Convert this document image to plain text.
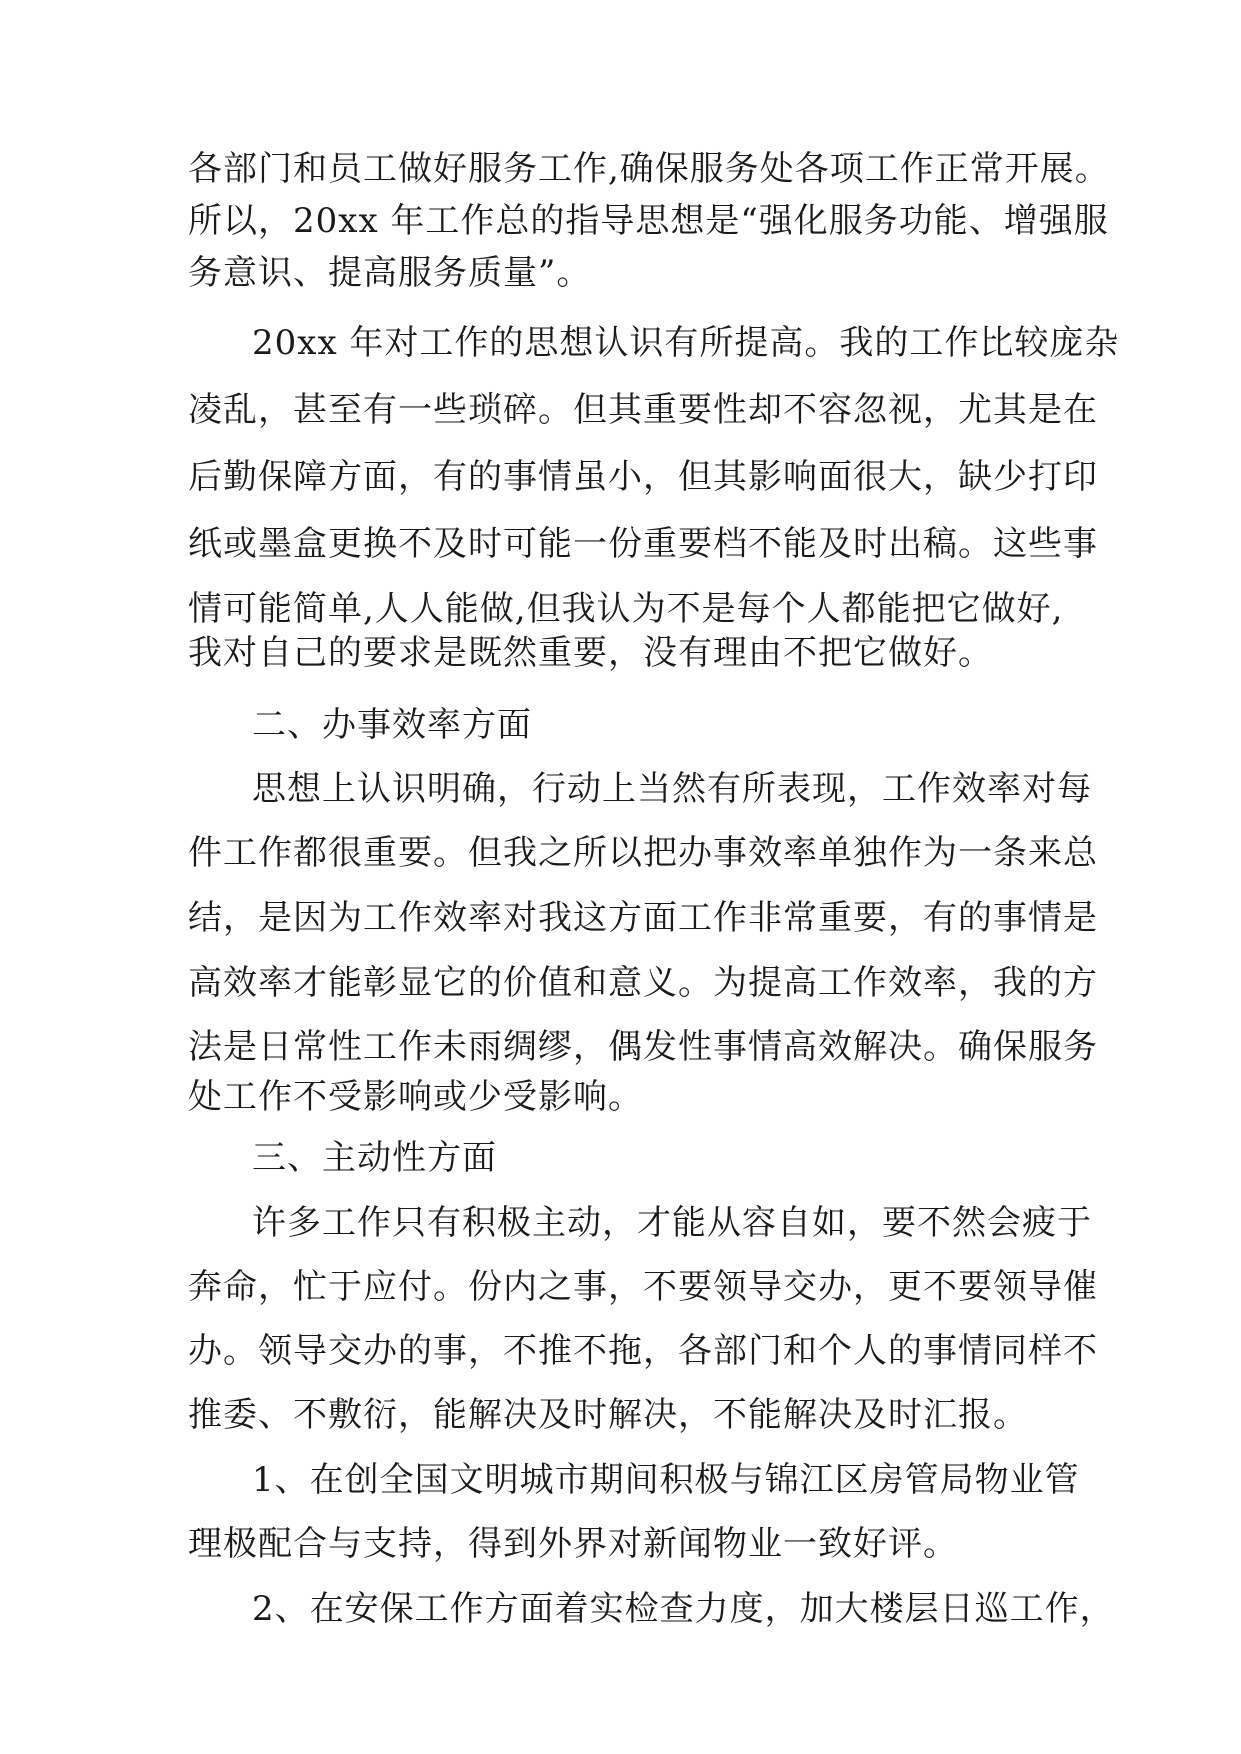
各部门和员工做好服务工作,确保服务处各项工作正常开展。

所以，20xx 年工作总的指导思想是“强化服务功能、增强服

务意识、提高服务质量”。

20xx 年对工作的思想认识有所提高。我的工作比较庞杂

凌乱，甚至有一些琐碎。但其重要性却不容忽视，尤其是在

后勤保障方面，有的事情虽小，但其影响面很大，缺少打印

纸或墨盒更换不及时可能一份重要档不能及时出稿。这些事

情可能简单,人人能做,但我认为不是每个人都能把它做好,

我对自己的要求是既然重要，没有理由不把它做好。

二、办事效率方面

思想上认识明确，行动上当然有所表现，工作效率对每

件工作都很重要。但我之所以把办事效率单独作为一条来总

结，是因为工作效率对我这方面工作非常重要，有的事情是

高效率才能彰显它的价值和意义。为提高工作效率，我的方

法是日常性工作未雨绸缪，偶发性事情高效解决。确保服务

处工作不受影响或少受影响。

三、主动性方面

许多工作只有积极主动，才能从容自如，要不然会疲于

奔命，忙于应付。份内之事，不要领导交办，更不要领导催

办。领导交办的事，不推不拖，各部门和个人的事情同样不

推委、不敷衍，能解决及时解决，不能解决及时汇报。

1、在创全国文明城市期间积极与锦江区房管局物业管

理极配合与支持，得到外界对新闻物业一致好评。

2、在安保工作方面着实检查力度，加大楼层日巡工作，
